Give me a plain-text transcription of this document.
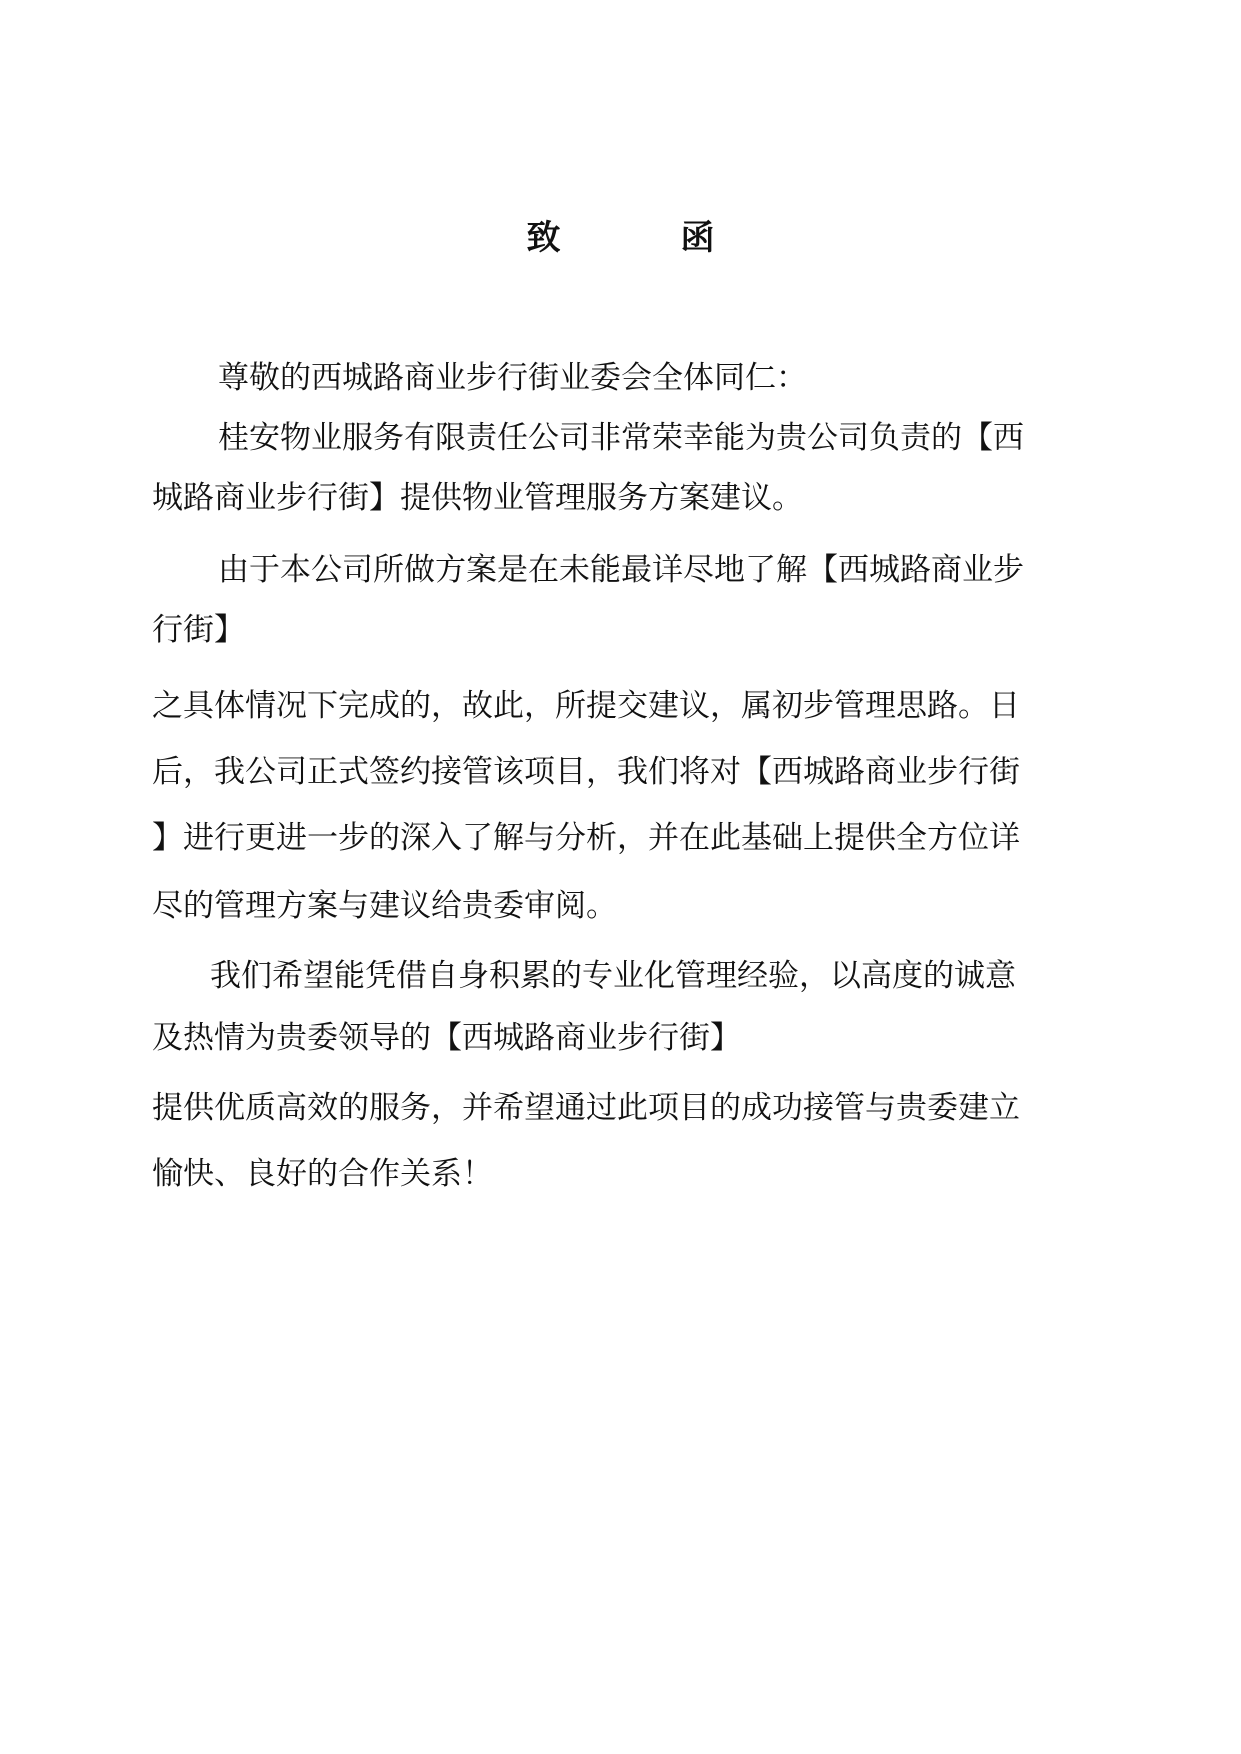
致	函
尊敬的西城路商业步行街业委会全体同仁：
桂安物业服务有限责任公司非常荣幸能为贵公司负责的【西
城路商业步行街】提供物业管理服务方案建议。
由于本公司所做方案是在未能最详尽地了解【西城路商业步
行街】
之具体情况下完成的，故此，所提交建议，属初步管理思路。日
后，我公司正式签约接管该项目，我们将对【西城路商业步行街
】进行更进一步的深入了解与分析，并在此基础上提供全方位详
尽的管理方案与建议给贵委审阅。
我们希望能凭借自身积累的专业化管理经验，以高度的诚意
及热情为贵委领导的【西城路商业步行街】
提供优质高效的服务，并希望通过此项目的成功接管与贵委建立
愉快、良好的合作关系！
